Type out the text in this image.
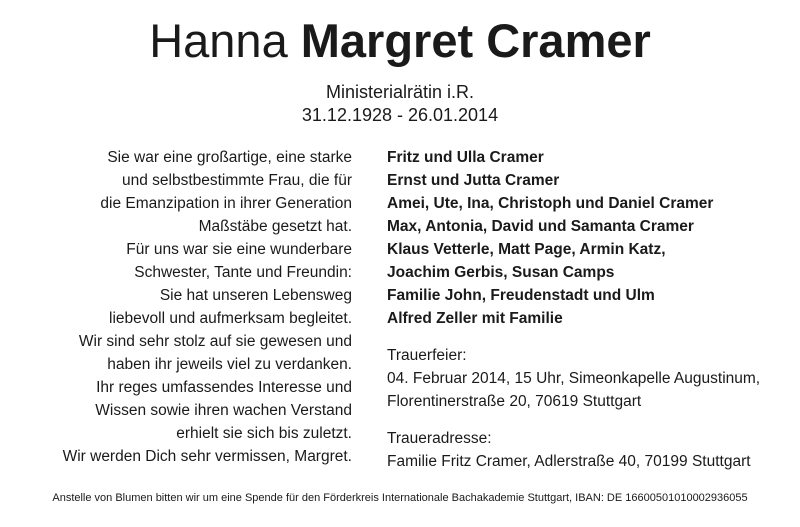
Hanna Margret Cramer
Ministerialrätin i.R.
31.12.1928 - 26.01.2014
Sie war eine großartige, eine starke
und selbstbestimmte Frau, die für
die Emanzipation in ihrer Generation
Maßstäbe gesetzt hat.
Für uns war sie eine wunderbare
Schwester, Tante und Freundin:
Sie hat unseren Lebensweg
liebevoll und aufmerksam begleitet.
Wir sind sehr stolz auf sie gewesen und
haben ihr jeweils viel zu verdanken.
Ihr reges umfassendes Interesse und
Wissen sowie ihren wachen Verstand
erhielt sie sich bis zuletzt.
Wir werden Dich sehr vermissen, Margret.
Fritz und Ulla Cramer
Ernst und Jutta Cramer
Amei, Ute, Ina, Christoph und Daniel Cramer
Max, Antonia, David und Samanta Cramer
Klaus Vetterle, Matt Page, Armin Katz,
Joachim Gerbis, Susan Camps
Familie John, Freudenstadt und Ulm
Alfred Zeller mit Familie
Trauerfeier:
04. Februar 2014, 15 Uhr, Simeonkapelle Augustinum,
Florentinerstraße 20, 70619 Stuttgart
Traueradresse:
Familie Fritz Cramer, Adlerstraße 40, 70199 Stuttgart
Anstelle von Blumen bitten wir um eine Spende für den Förderkreis Internationale Bachakademie Stuttgart, IBAN: DE 16600501010002936055
